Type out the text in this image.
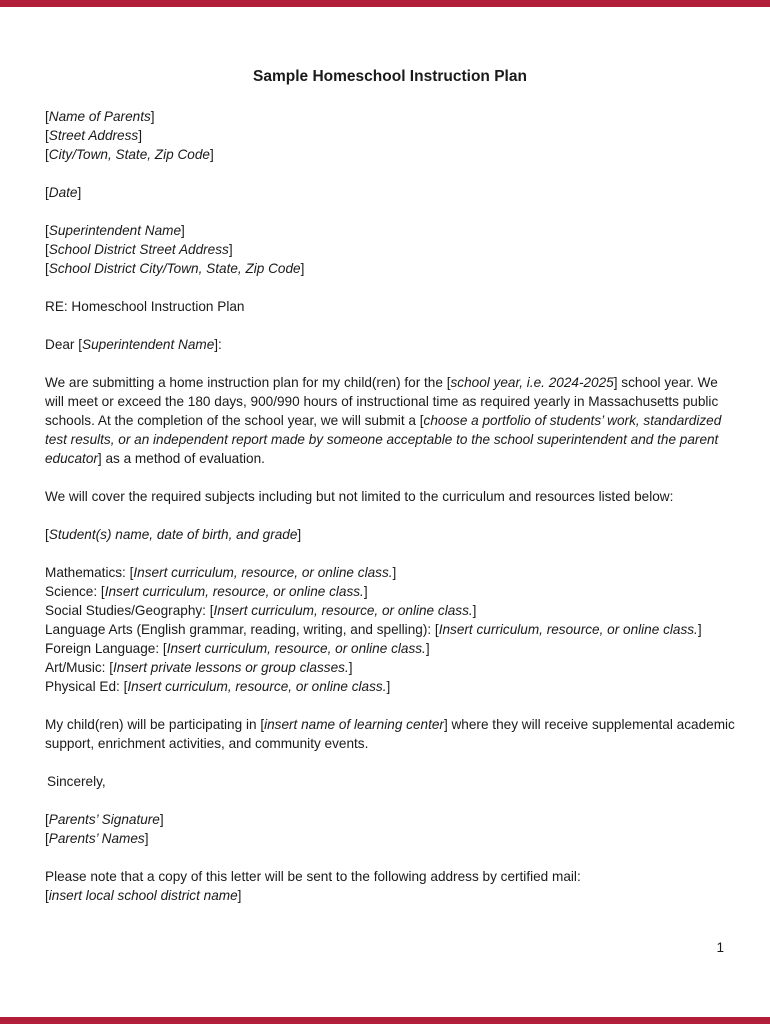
Sample Homeschool Instruction Plan

[Name of Parents]
[Street Address]
[City/Town, State, Zip Code]

[Date]

[Superintendent Name]
[School District Street Address]
[School District City/Town, State, Zip Code]

RE: Homeschool Instruction Plan

Dear [Superintendent Name]:

We are submitting a home instruction plan for my child(ren) for the [school year, i.e. 2024-2025] school year. We will meet or exceed the 180 days, 900/990 hours of instructional time as required yearly in Massachusetts public schools. At the completion of the school year, we will submit a [choose a portfolio of students’ work, standardized test results, or an independent report made by someone acceptable to the school superintendent and the parent educator] as a method of evaluation.

We will cover the required subjects including but not limited to the curriculum and resources listed below:

[Student(s) name, date of birth, and grade]

Mathematics: [Insert curriculum, resource, or online class.]
Science: [Insert curriculum, resource, or online class.]
Social Studies/Geography: [Insert curriculum, resource, or online class.]
Language Arts (English grammar, reading, writing, and spelling): [Insert curriculum, resource, or online class.]
Foreign Language: [Insert curriculum, resource, or online class.]
Art/Music: [Insert private lessons or group classes.]
Physical Ed: [Insert curriculum, resource, or online class.]

My child(ren) will be participating in [insert name of learning center] where they will receive supplemental academic support, enrichment activities, and community events.

Sincerely,

[Parents’ Signature]
[Parents’ Names]

Please note that a copy of this letter will be sent to the following address by certified mail:
[insert local school district name]

1
